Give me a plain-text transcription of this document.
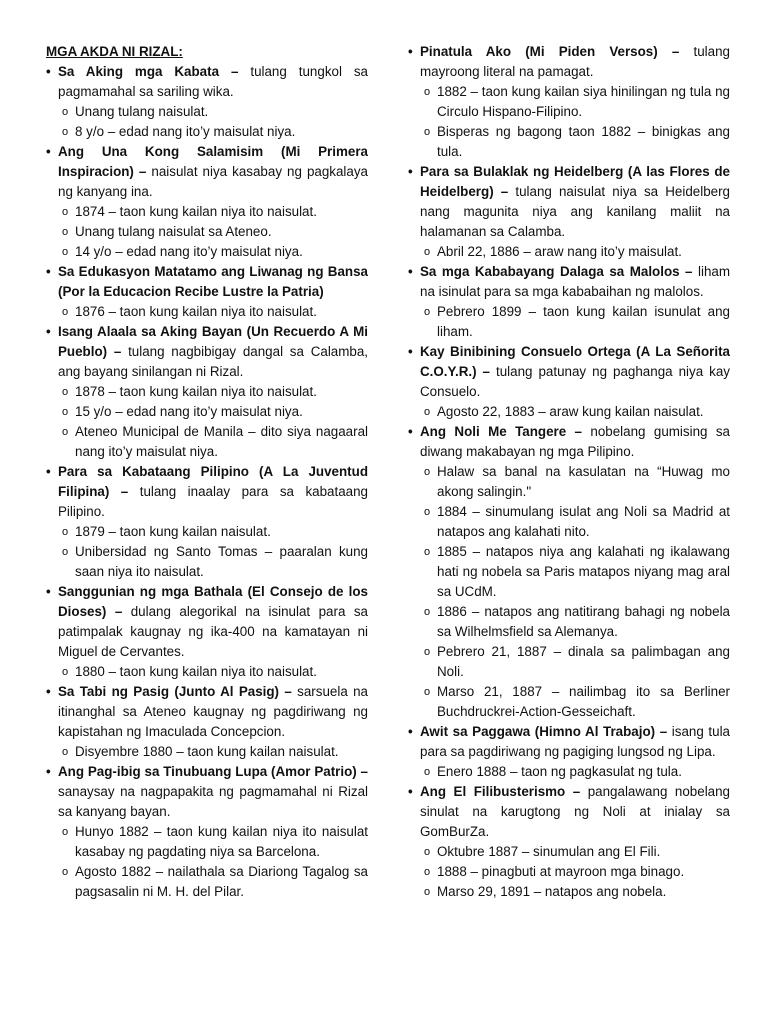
MGA AKDA NI RIZAL:
• Sa Aking mga Kabata – tulang tungkol sa pagmamahal sa sariling wika.
o Unang tulang naisulat.
o 8 y/o – edad nang ito’y maisulat niya.
• Ang Una Kong Salamisim (Mi Primera Inspiracion) – naisulat niya kasabay ng pagkalaya ng kanyang ina.
o 1874 – taon kung kailan niya ito naisulat.
o Unang tulang naisulat sa Ateneo.
o 14 y/o – edad nang ito’y maisulat niya.
• Sa Edukasyon Matatamo ang Liwanag ng Bansa (Por la Educacion Recibe Lustre la Patria)
o 1876 – taon kung kailan niya ito naisulat.
• Isang Alaala sa Aking Bayan (Un Recuerdo A Mi Pueblo) – tulang nagbibigay dangal sa Calamba, ang bayang sinilangan ni Rizal.
o 1878 – taon kung kailan niya ito naisulat.
o 15 y/o – edad nang ito’y maisulat niya.
o Ateneo Municipal de Manila – dito siya nagaaral nang ito’y maisulat niya.
• Para sa Kabataang Pilipino (A La Juventud Filipina) – tulang inaalay para sa kabataang Pilipino.
o 1879 – taon kung kailan naisulat.
o Unibersidad ng Santo Tomas – paaralan kung saan niya ito naisulat.
• Sanggunian ng mga Bathala (El Consejo de los Dioses) – dulang alegorikal na isinulat para sa patimpalak kaugnay ng ika-400 na kamatayan ni Miguel de Cervantes.
o 1880 – taon kung kailan niya ito naisulat.
• Sa Tabi ng Pasig (Junto Al Pasig) – sarsuela na itinanghal sa Ateneo kaugnay ng pagdiriwang ng kapistahan ng Imaculada Concepcion.
o Disyembre 1880 – taon kung kailan naisulat.
• Ang Pag-ibig sa Tinubuang Lupa (Amor Patrio) – sanaysay na nagpapakita ng pagmamahal ni Rizal sa kanyang bayan.
o Hunyo 1882 – taon kung kailan niya ito naisulat kasabay ng pagdating niya sa Barcelona.
o Agosto 1882 – nailathala sa Diariong Tagalog sa pagsasalin ni M. H. del Pilar.
• Pinatula Ako (Mi Piden Versos) – tulang mayroong literal na pamagat.
o 1882 – taon kung kailan siya hinilingan ng tula ng Circulo Hispano-Filipino.
o Bisperas ng bagong taon 1882 – binigkas ang tula.
• Para sa Bulaklak ng Heidelberg (A las Flores de Heidelberg) – tulang naisulat niya sa Heidelberg nang magunita niya ang kanilang maliit na halamanan sa Calamba.
o Abril 22, 1886 – araw nang ito’y maisulat.
• Sa mga Kababayang Dalaga sa Malolos – liham na isinulat para sa mga kababaihan ng malolos.
o Pebrero 1899 – taon kung kailan isunulat ang liham.
• Kay Binibining Consuelo Ortega (A La Señorita C.O.Y.R.) – tulang patunay ng paghanga niya kay Consuelo.
o Agosto 22, 1883 – araw kung kailan naisulat.
• Ang Noli Me Tangere – nobelang gumising sa diwang makabayan ng mga Pilipino.
o Halaw sa banal na kasulatan na “Huwag mo akong salingin."
o 1884 – sinumulang isulat ang Noli sa Madrid at natapos ang kalahati nito.
o 1885 – natapos niya ang kalahati ng ikalawang hati ng nobela sa Paris matapos niyang mag aral sa UCdM.
o 1886 – natapos ang natitirang bahagi ng nobela sa Wilhelmsfield sa Alemanya.
o Pebrero 21, 1887 – dinala sa palimbagan ang Noli.
o Marso 21, 1887 – nailimbag ito sa Berliner Buchdruckrei-Action-Gesseichaft.
• Awit sa Paggawa (Himno Al Trabajo) – isang tula para sa pagdiriwang ng pagiging lungsod ng Lipa.
o Enero 1888 – taon ng pagkasulat ng tula.
• Ang El Filibusterismo – pangalawang nobelang sinulat na karugtong ng Noli at inialay sa GomBurZa.
o Oktubre 1887 – sinumulan ang El Fili.
o 1888 – pinagbuti at mayroon mga binago.
o Marso 29, 1891 – natapos ang nobela.
